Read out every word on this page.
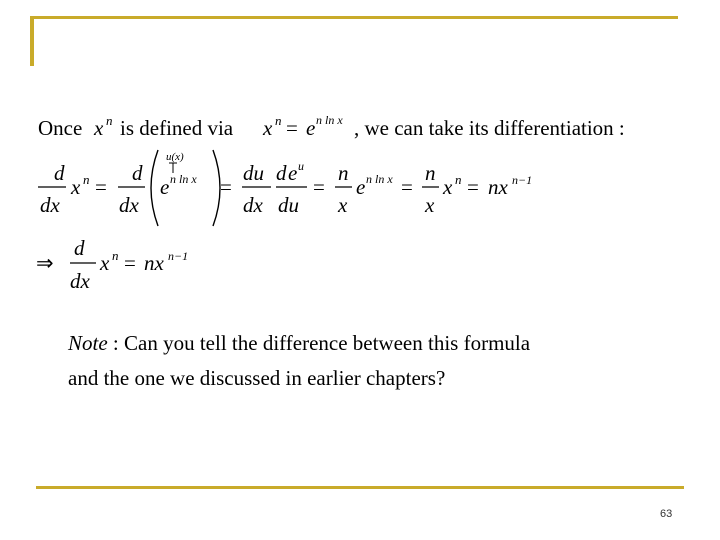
Once x n is defined via x n = e n ln x , we can take its differentiation :
d
dx
x n =
d
dx
u(x)
e n ln x =
du
dx
d e u
du
=
n
x
e n ln x =
n
x
x n = nx n−1
⇒
d
dx
x n = nx n−1
Note : Can you tell the difference between this formula
and the one we discussed in earlier chapters?
63
